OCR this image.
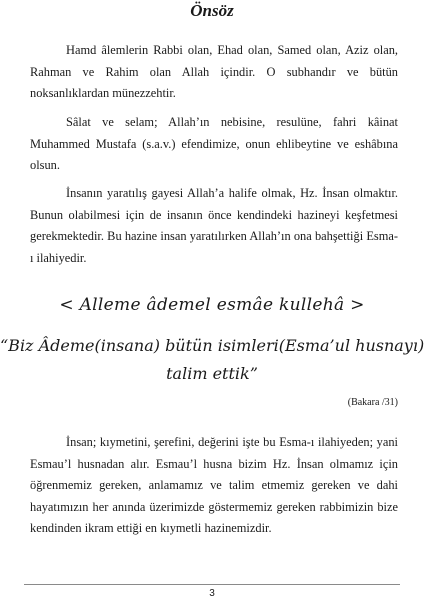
Önsöz

Hamd âlemlerin Rabbi olan, Ehad olan, Samed olan, Aziz olan, Rahman ve Rahim olan Allah içindir. O subhandır ve bütün noksanlıklardan münezzehtir.

Sâlat ve selam; Allah’ın nebisine, resulüne, fahri kâinat Muhammed Mustafa (s.a.v.) efendimize, onun ehlibeytine ve eshâbına olsun.

İnsanın yaratılış gayesi Allah’a halife olmak, Hz. İnsan olmaktır. Bunun olabilmesi için de insanın önce kendindeki hazineyi keşfetmesi gerekmektedir. Bu hazine insan yaratılırken Allah’ın ona bahşettiği Esma-ı ilahiyedir.

< Alleme âdemel esmâe kullehâ >

“Biz Âdeme(insana) bütün isimleri(Esma’ul husnayı)

talim ettik”

(Bakara /31)

İnsan; kıymetini, şerefini, değerini işte bu Esma-ı ilahiyeden; yani Esmau’l husnadan alır. Esmau’l husna bizim Hz. İnsan olmamız için öğrenmemiz gereken, anlamamız ve talim etmemiz gereken ve dahi hayatımızın her anında üzerimizde göstermemiz gereken rabbimizin bize kendinden ikram ettiği en kıymetli hazinemizdir.

3
